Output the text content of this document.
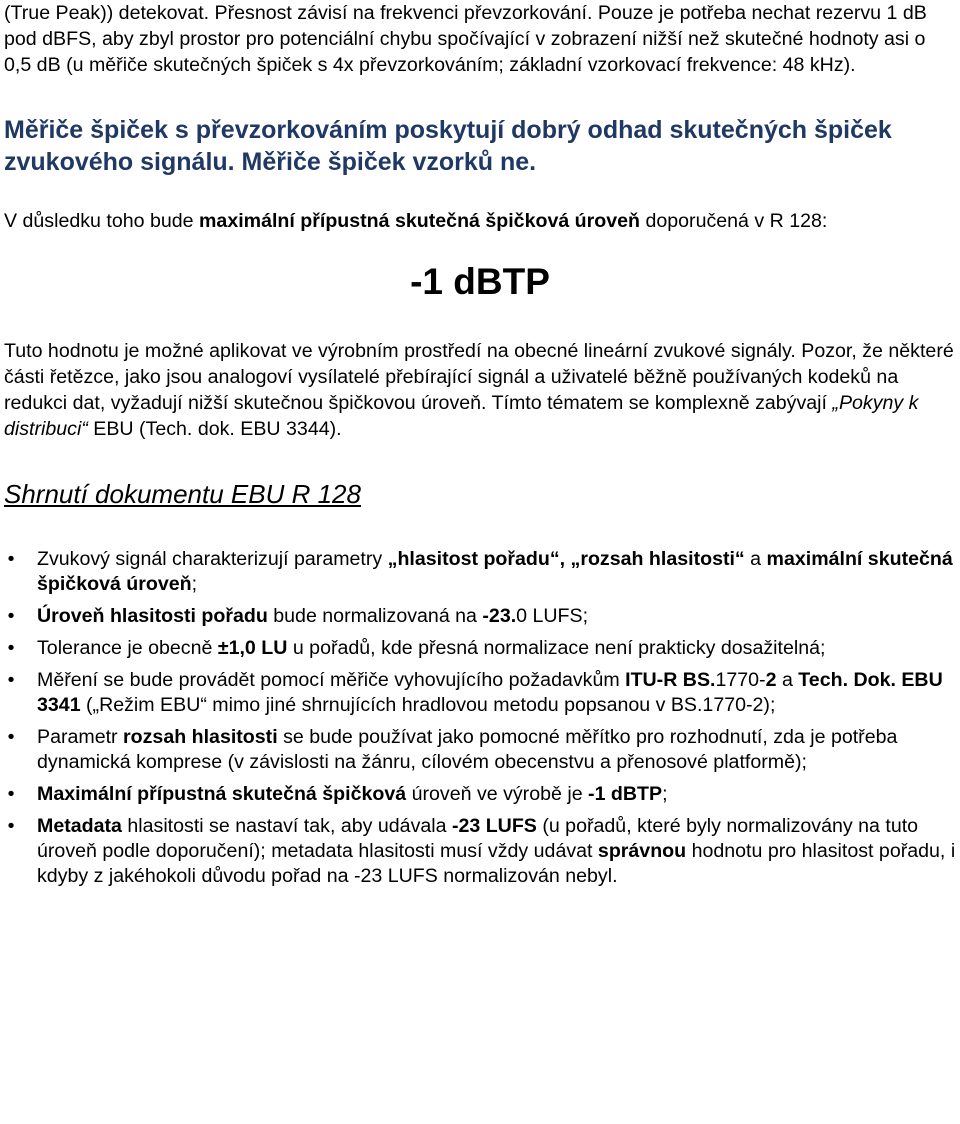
(True Peak)) detekovat. Přesnost závisí na frekvenci převzorkování. Pouze je potřeba nechat rezervu 1 dB pod dBFS, aby zbyl prostor pro potenciální chybu spočívající v zobrazení nižší než skutečné hodnoty asi o 0,5 dB (u měřiče skutečných špiček s 4x převzorkováním; základní vzorkovací frekvence: 48 kHz).

Měřiče špiček s převzorkováním poskytují dobrý odhad skutečných špiček zvukového signálu. Měřiče špiček vzorků ne.

V důsledku toho bude maximální přípustná skutečná špičková úroveň doporučená v R 128:

-1 dBTP

Tuto hodnotu je možné aplikovat ve výrobním prostředí na obecné lineární zvukové signály. Pozor, že některé části řetězce, jako jsou analogoví vysílatelé přebírající signál a uživatelé běžně používaných kodeků na redukci dat, vyžadují nižší skutečnou špičkovou úroveň. Tímto tématem se komplexně zabývají „Pokyny k distribuci“ EBU (Tech. dok. EBU 3344).

Shrnutí dokumentu EBU R 128

• Zvukový signál charakterizují parametry „hlasitost pořadu“, „rozsah hlasitosti“ a maximální skutečná špičková úroveň;
• Úroveň hlasitosti pořadu bude normalizovaná na -23.0 LUFS;
• Tolerance je obecně ±1,0 LU u pořadů, kde přesná normalizace není prakticky dosažitelná;
• Měření se bude provádět pomocí měřiče vyhovujícího požadavkům ITU-R BS.1770-2 a Tech. Dok. EBU 3341 („Režim EBU“ mimo jiné shrnujících hradlovou metodu popsanou v BS.1770-2);
• Parametr rozsah hlasitosti se bude používat jako pomocné měřítko pro rozhodnutí, zda je potřeba dynamická komprese (v závislosti na žánru, cílovém obecenstvu a přenosové platformě);
• Maximální přípustná skutečná špičková úroveň ve výrobě je -1 dBTP;
• Metadata hlasitosti se nastaví tak, aby udávala -23 LUFS (u pořadů, které byly normalizovány na tuto úroveň podle doporučení); metadata hlasitosti musí vždy udávat správnou hodnotu pro hlasitost pořadu, i kdyby z jakéhokoli důvodu pořad na -23 LUFS normalizován nebyl.
